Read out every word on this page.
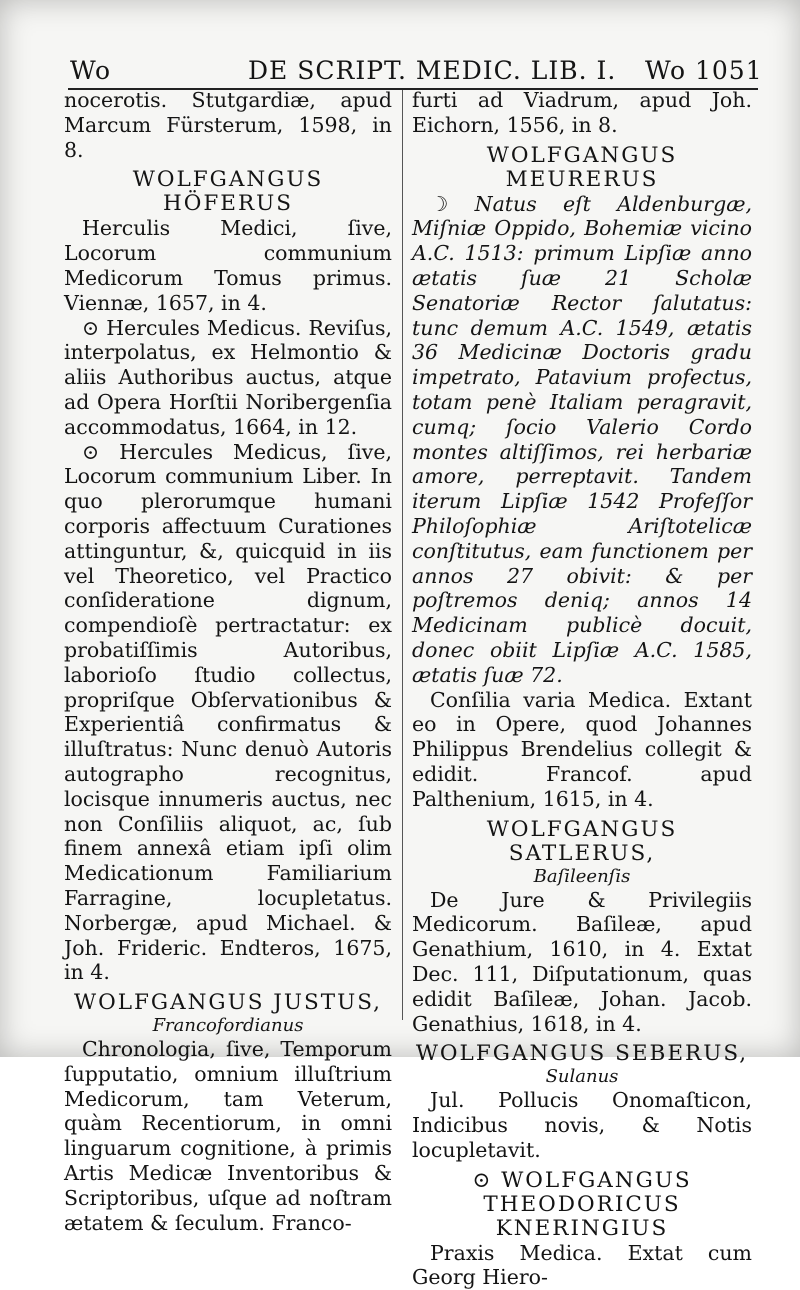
Wo	DE SCRIPT. MEDIC. LIB. I. Wo 1051
nocerotis. Stutgardiæ, apud Marcum Fürsterum, 1598, in 8.
WOLFGANGUS HÖFERUS
Herculis Medici, ſive, Locorum communium Medicorum Tomus primus. Viennæ, 1657, in 4.
⊙ Hercules Medicus. Reviſus, interpolatus, ex Helmontio & aliis Authoribus auctus, atque ad Opera Horſtii Noribergenſia accommodatus, 1664, in 12.
⊙ Hercules Medicus, ſive, Locorum communium Liber. In quo plerorumque humani corporis affectuum Curationes attinguntur, &, quicquid in iis vel Theoretico, vel Practico conſideratione dignum, compendioſè pertractatur: ex probatiſſimis Autoribus, laborioſo ſtudio collectus, propriſque Obſervationibus & Experientiâ confirmatus & illuſtratus: Nunc denuò Autoris autographo recognitus, locisque innumeris auctus, nec non Conſiliis aliquot, ac, ſub finem annexâ etiam ipſi olim Medicationum Familiarium Farragine, locupletatus. Norbergæ, apud Michael. & Joh. Frideric. Endteros, 1675, in 4.
WOLFGANGUS JUSTUS,
Francofordianus
Chronologia, ſive, Temporum ſupputatio, omnium illuſtrium Medicorum, tam Veterum, quàm Recentiorum, in omni linguarum cognitione, à primis Artis Medicæ Inventoribus & Scriptoribus, uſque ad noſtram ætatem & ſeculum. Franco-
furti ad Viadrum, apud Joh. Eichorn, 1556, in 8.
WOLFGANGUS MEURERUS
☽ Natus eſt Aldenburgæ, Miſniæ Oppido, Bohemiæ vicino A.C. 1513: primum Lipſiæ anno ætatis ſuæ 21 Scholæ Senatoriæ Rector ſalutatus: tunc demum A.C. 1549, ætatis 36 Medicinæ Doctoris gradu impetrato, Patavium profectus, totam penè Italiam peragravit, cumq; ſocio Valerio Cordo montes altiſſimos, rei herbariæ amore, perreptavit. Tandem iterum Lipſiæ 1542 Profeſſor Philoſophiæ Ariſtotelicæ conſtitutus, eam functionem per annos 27 obivit: & per poſtremos deniq; annos 14 Medicinam publicè docuit, donec obiit Lipſiæ A.C. 1585, ætatis ſuæ 72.
Conſilia varia Medica. Extant eo in Opere, quod Johannes Philippus Brendelius collegit & edidit. Francof. apud Palthenium, 1615, in 4.
WOLFGANGUS SATLERUS,
Baſileenſis
De Jure & Privilegiis Medicorum. Baſileæ, apud Genathium, 1610, in 4. Extat Dec. 111, Diſputationum, quas edidit Baſileæ, Johan. Jacob. Genathius, 1618, in 4.
WOLFGANGUS SEBERUS,
Sulanus
Jul. Pollucis Onomaſticon, Indicibus novis, & Notis locupletavit.
⊙ WOLFGANGUS THEODORICUS KNERINGIUS
Praxis Medica. Extat cum Georg Hiero-
